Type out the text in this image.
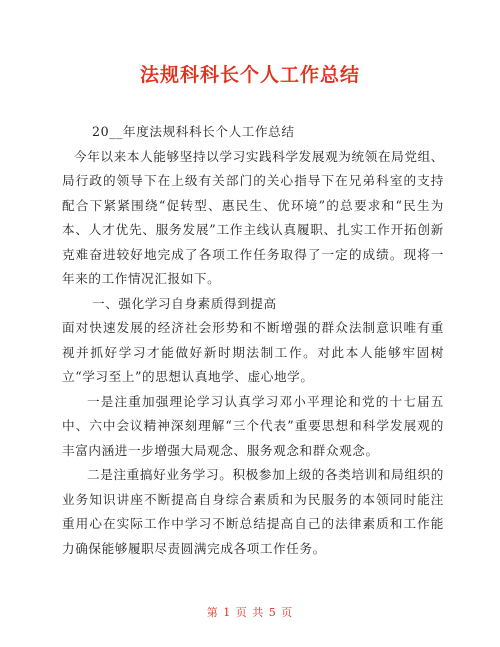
法规科科长个人工作总结

20__年度法规科科长个人工作总结

今年以来本人能够坚持以学习实践科学发展观为统领在局党组、局行政的领导下在上级有关部门的关心指导下在兄弟科室的支持配合下紧紧围绕“促转型、惠民生、优环境”的总要求和“民生为本、人才优先、服务发展”工作主线认真履职、扎实工作开拓创新克难奋进较好地完成了各项工作任务取得了一定的成绩。现将一年来的工作情况汇报如下。

一、强化学习自身素质得到提高

面对快速发展的经济社会形势和不断增强的群众法制意识唯有重视并抓好学习才能做好新时期法制工作。对此本人能够牢固树立“学习至上”的思想认真地学、虚心地学。

一是注重加强理论学习认真学习邓小平理论和党的十七届五中、六中会议精神深刻理解“三个代表”重要思想和科学发展观的丰富内涵进一步增强大局观念、服务观念和群众观念。

二是注重搞好业务学习。积极参加上级的各类培训和局组织的业务知识讲座不断提高自身综合素质和为民服务的本领同时能注重用心在实际工作中学习不断总结提高自己的法律素质和工作能力确保能够履职尽责圆满完成各项工作任务。

第 1 页 共 5 页
